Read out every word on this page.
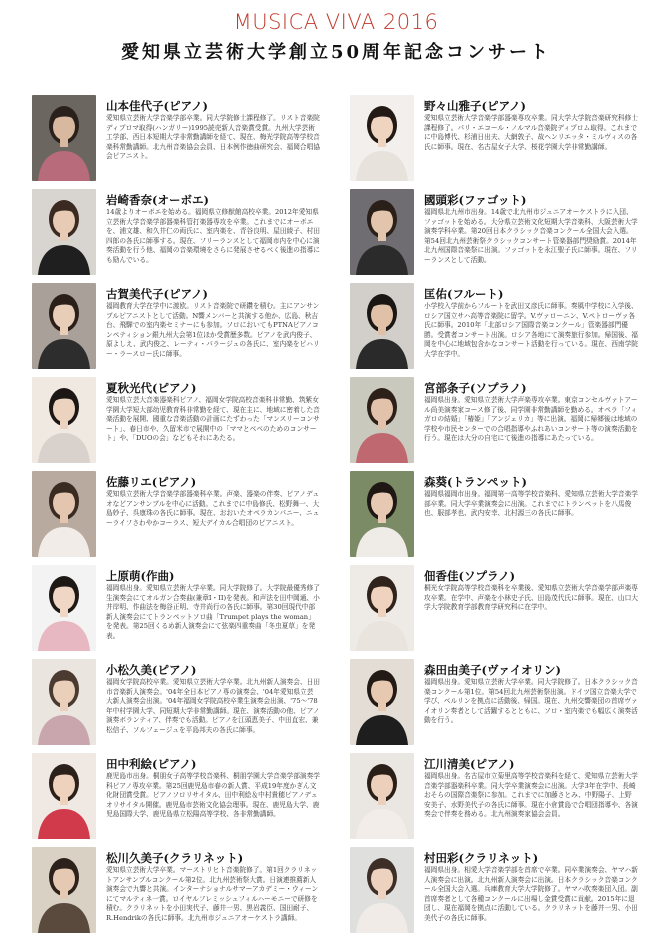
MUSICA VIVA 2016
愛知県立芸術大学創立50周年記念コンサート
山本佳代子(ピアノ)
愛知県立芸術大学音楽学部卒業。同大学院修士課程修了。リスト音楽院ディプロマ取得(ハンガリー)1995読売新人音楽賞受賞。九州大学芸術工学部、西日本短期大学非常勤講師を経て、現在、梅光学院高等学校音楽科常勤講師。北九州音楽協会会員、日本例作徳曲研究会、福岡合唱協会ピアニスト。
岩崎香奈(オーボエ)
14歳よりオーボエを始める。福岡県立修猷館高校卒業。2012年愛知県立芸術大学音楽学部器楽科管打楽器専攻を卒業。これまでにオーボエを、浦文雄、和久井仁の両氏に、室内楽を、青谷良明、屋田綾子、村田四郎の各氏に師事する。現在、フリーランスとして福岡市内を中心に演奏活動を行う他、福岡の音楽環境をさらに発展させるべく後進の指導にも励んでいる。
古賀美代子(ピアノ)
福岡教育大学在学中に渡欧。リスト音楽院で研鑽を積む。主にアンサンブルピアニストとして活動。N響メンバーと共演する他か、広島、秋吉台、飛騨での室内楽セミナーにも参加。ソロにおいてもPTNAピアノコンペティション銀九州大会第1位ほか受賞歴多数。ピアノを武内俊子、原よしえ、武内俊之、レーティ・パラージュの各氏に、室内楽をピハリー・ラースロー氏に師事。
夏秋光代(ピアノ)
愛知県立芸大音楽器楽科ピアノ、福岡女学院高校音楽科非常勤、筑紫女学園大学短大部幼児教育科非常勤を経て、現在主に、地域に密着した音楽活動を展開、國重な音楽活動の計画にたずわった「マンスリーコンサート」、春日市や、久留米市で展開中の「ママとベベのためのコンサート」や、「DUOの会」などもそれにあたる。
佐藤リエ(ピアノ)
愛知県立芸術大学音楽学部器楽科卒業。声楽、器楽の伴奏、ピアノデュオなどアンサンブルを中心に活動。これまでに中島修氏、松野舞一、大島妙子、呉康珠の各氏に師事。現在、おおいたオペラカンパニー、ニューライフさわやかコーラス、短大デイカル合唱団のピアニスト。
上原萌(作曲)
福岡県出身。愛知県立芸術大学卒業。同大学院修了。大学院最優秀修了生演奏会にてオルガン合奏曲(兼章I・II)を発表。和声法を田中岡通、小井岸明、作曲法を梅谷正明、寺井尚行の各氏に師事。第30回現代中部新人演奏会にてトランペットソロ曲「Trumpet plays the woman」を発表。第25回くるめ新人演奏会にて弦楽四重奏曲「冬虫夏草」を発表。
小松久美(ピアノ)
福岡女学院高校卒業。愛知県立芸術大学卒業。北九州新人演奏会、日田市音楽新人演奏会。'04年全日本ピアノ専の演奏会、'04年愛知県立芸大新人演奏会出演。'04年福岡女学院高校卒業生演奏会出演、'75～'78年中村学園大学、同短期大学非常勤講師。現在、演奏活動の他、ピアノ演奏ボランティア、伴奏でも活動。ピアノを江頭恵美子、中田直宏、兼松信子、ソルフェージュを平島邦夫の各氏に師事。
田中利絵(ピアノ)
鹿児島市出身。桐朋女子高等学校音楽科、桐朋学園大学音楽学部演奏学科ピアノ専攻卒業。第25回鹿児島市春の新人賞、平成19年度かぎん文化財団賞受賞。ピアノソロリサイタル、田中利絵＆中村貴穂ピアノデュオリサイタル開催。鹿児島市芸術文化協会理事。現在、鹿児島大学、鹿児島国際大学、鹿児島県立松陽高等学校、各非常勤講師。
松川久美子(クラリネット)
愛知県立芸術大学卒業。マーストリヒト音楽院修了。第1回クラリネットアンサンブルコンクール第2位。北九州芸術祭大賞。日演連推薦新人演奏会で九響と共演。インターナショナルサマーアカデミー・ウィーンにてマルティネ一賞。ロイヤルフレミッシュフィルハーモニーで研修を積む。クラリネットを小田実代子、藤井一男、黒岩義臣、国田耐子、R.Hendrikの各氏に師事。北九州市ジュニアオーケストラ講師。
野々山雅子(ピアノ)
愛知県立芸術大学音楽学部器楽専攻卒業。同大学大学院音楽研究科修士課程修了。パリ・エコール・ノルマル音楽院ディプロム取得。これまでに中島博代、杉浦日出夫、大網敦子、故ヘンリエッタ・ミルヴィスの各氏に師事。現在、名古屋女子大学、桜花学園大学非常勤講師。
國頭彩(ファゴット)
福岡県北九州市出身。14歳で北九州市ジュニアオーケストラに入団、ファゴットを始める。大分県立芸術文化短期大学音楽科、大阪芸術大学演奏学科卒業。第20回日本クラシック音楽コンクール全国大会入選。第54回北九州芸術祭クラシックコンサート管楽器部門奨励賞。2014年北九州国際音楽祭に出演。ファゴットを永江聖子氏に師事。現在、フリーランスとして活動。
匡佑(フルート)
小学校入学前からフルートを武田又彦氏に師事。奏風中学校に入学後、ロシア国立サハ高等音楽院に留学。V.ヴァローニン、V.ペトローヴァ各氏に師事。2010年「北部ロシア国際音楽コンクール」管楽器部門優勝。受賞者コンサート出演。ロシア各地にて演奏旅行参加。帰国後、福岡を中心に地域包含かなコンサート活動を行っている。現在、西南学院大学在学中。
宮部条子(ソプラノ)
福岡県出身。愛知県立芸術大学声楽専攻卒業。東京コンセルヴァトアール尚美演奏家コース修了後、同学園非常勤講師を勤める。オペラ「フィガロの結婚」「椿姫」「アンジェリカ」等に出演。福岡に帰郷後は地域の学校や市民センターでの合唱指導やふれあいコンサート等の演奏活動を行う。現在は大分の自宅にて後進の指導にあたっている。
森葵(トランペット)
福岡県福岡市出身。福岡第一高等学校音楽科、愛知県立芸術大学音楽学部卒業。同大学卒業演奏会に出演。これまでにトランペットを八馬俊也、服部孝也、武内安幸、北村源三の各氏に師事。
佃香佳(ソプラノ)
桐光女学院高等学校音楽科を卒業後、愛知県立芸術大学音楽学部声楽専攻卒業。在学中、声楽を小林史子氏、田島茂代氏に師事。現在、山口大学大学院教育学部教育学研究科に在学中。
森田由美子(ヴァイオリン)
福岡県出身。愛知県立芸術大学卒業。同大学院修了。日本クラシック音楽コンクール第1位。第54回北九州芸術祭出演。ドイツ国立音楽大学で学び、ベルリンを拠点に活動後、帰国。現在、九州交響楽団の首席ヴァイオリン奏者として活躍するとともに、ソロ・室内楽でも幅広く演奏活動を行う。
江川清美(ピアノ)
福岡県出身。名古屋市立菊里高等学校音楽科を経て、愛知県立芸術大学音楽学部器楽科卒業。同大学卒業演奏会に出演。大学3年在学中、長崎おそらの国際音楽祭に参加。これまでに加藤さとみ、中野陽子、上野安美子、水野美代子の各氏に師事。現在小倉賞島で合唱団指導や、各演奏会で伴奏を務める。北九州演奏家協会会員。
村田彩(クラリネット)
福岡県出身。相愛大学音楽学部を首席で卒業。同卒業演奏会、ヤマハ新人演奏会に出演。北九州新人演奏会に出演。日本クラシック音楽コンクール全国大会入選。兵庫教育大学大学院修了。ヤマハ吹奏楽団入団。副首席奏者として各種コンクールに出場し金賞受賞に貢献。2015年に退団し、現在福岡を拠点に活動している。クラリネットを藤井一男、小田美代子の各氏に師事。
